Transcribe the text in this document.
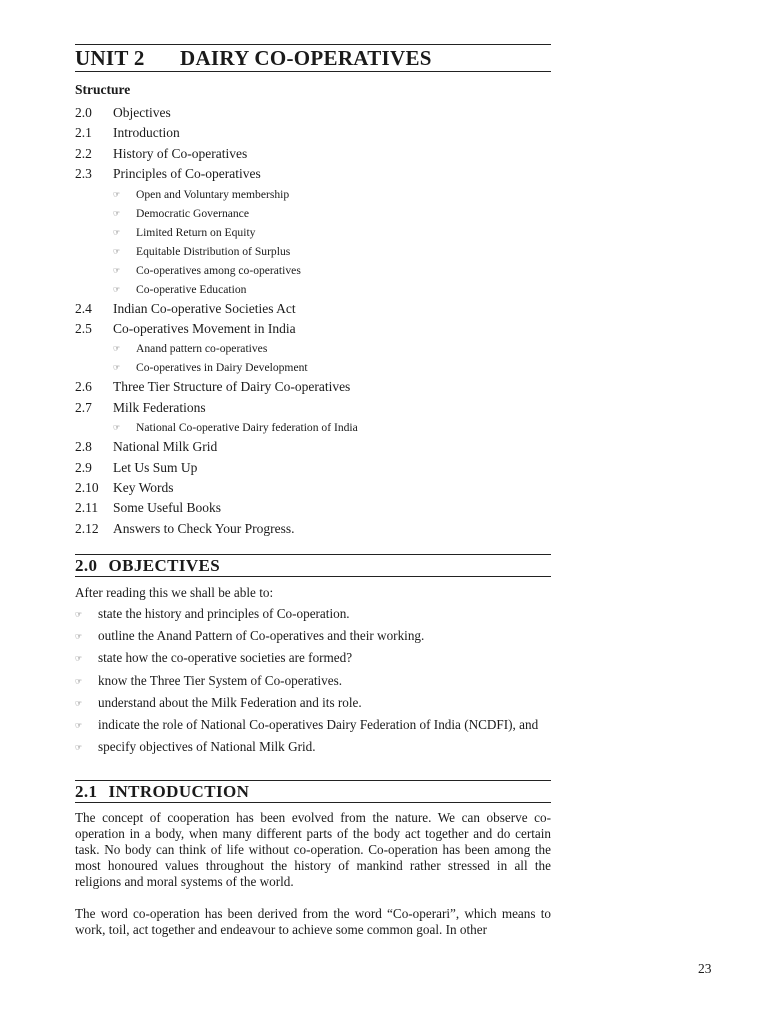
UNIT 2	DAIRY CO-OPERATIVES
Structure
2.0	Objectives
2.1	Introduction
2.2	History of Co-operatives
2.3	Principles of Co-operatives
☞	Open and Voluntary membership
☞	Democratic Governance
☞	Limited Return on Equity
☞	Equitable Distribution of Surplus
☞	Co-operatives among co-operatives
☞	Co-operative Education
2.4	Indian Co-operative Societies Act
2.5	Co-operatives Movement in India
☞	Anand pattern co-operatives
☞	Co-operatives in Dairy Development
2.6	Three Tier Structure of Dairy Co-operatives
2.7	Milk Federations
☞	National Co-operative Dairy federation of India
2.8	National Milk Grid
2.9	Let Us Sum Up
2.10	Key Words
2.11	Some Useful Books
2.12	Answers to Check Your Progress.
2.0 OBJECTIVES
After reading this we shall be able to:
☞	state the history and principles of Co-operation.
☞	outline the Anand Pattern of Co-operatives and their working.
☞	state how the co-operative societies are formed?
☞	know the Three Tier System of Co-operatives.
☞	understand about the Milk Federation and its role.
☞	indicate the role of National Co-operatives Dairy Federation of India (NCDFI), and
☞	specify objectives of National Milk Grid.
2.1 INTRODUCTION
The concept of cooperation has been evolved from the nature. We can observe co-operation in a body, when many different parts of the body act together and do certain task. No body can think of life without co-operation. Co-operation has been among the most honoured values throughout the history of mankind rather stressed in all the religions and moral systems of the world.
The word co-operation has been derived from the word “Co-operari”, which means to work, toil, act together and endeavour to achieve some common goal. In other
23
